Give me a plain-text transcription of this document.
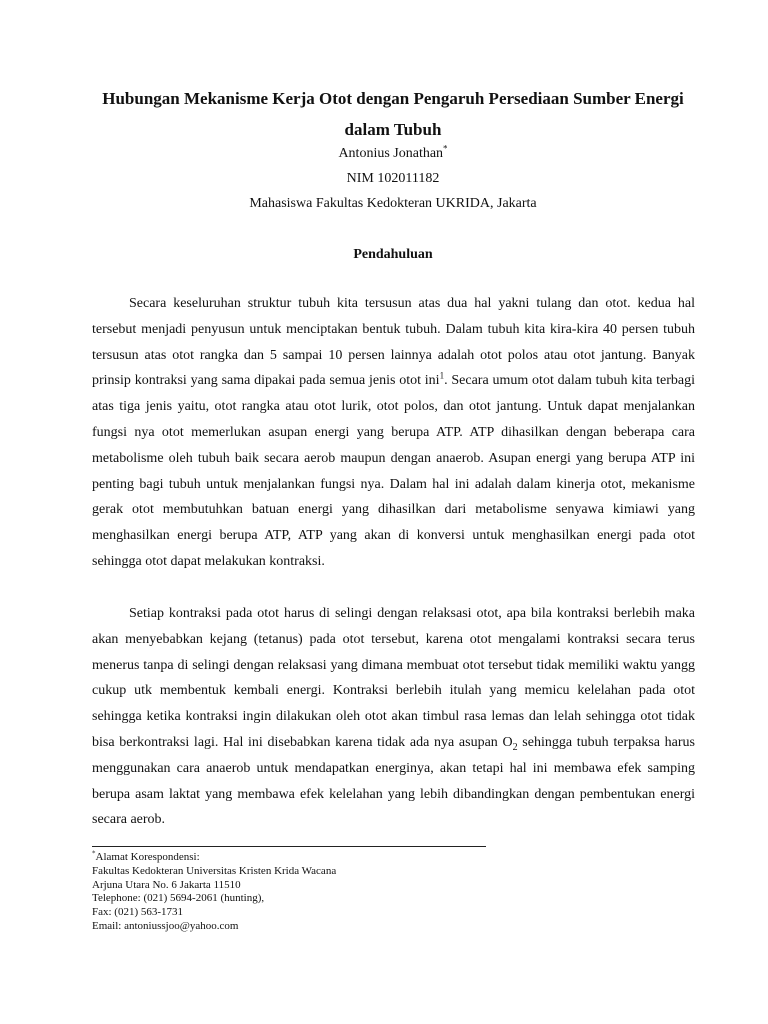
Hubungan Mekanisme Kerja Otot dengan Pengaruh Persediaan Sumber Energi dalam Tubuh
Antonius Jonathan*
NIM 102011182
Mahasiswa Fakultas Kedokteran UKRIDA, Jakarta
Pendahuluan

Secara keseluruhan struktur tubuh kita tersusun atas dua hal yakni tulang dan otot. kedua hal tersebut menjadi penyusun untuk menciptakan bentuk tubuh. Dalam tubuh kita kira-kira 40 persen tubuh tersusun atas otot rangka dan 5 sampai 10 persen lainnya adalah otot polos atau otot jantung. Banyak prinsip kontraksi yang sama dipakai pada semua jenis otot ini$^1$. Secara umum otot dalam tubuh kita terbagi atas tiga jenis yaitu, otot rangka atau otot lurik, otot polos, dan otot jantung. Untuk dapat menjalankan fungsi nya otot memerlukan asupan energi yang berupa ATP. ATP dihasilkan dengan beberapa cara metabolisme oleh tubuh baik secara aerob maupun dengan anaerob. Asupan energi yang berupa ATP ini penting bagi tubuh untuk menjalankan fungsi nya. Dalam hal ini adalah dalam kinerja otot, mekanisme gerak otot membutuhkan batuan energi yang dihasilkan dari metabolisme senyawa kimiawi yang menghasilkan energi berupa ATP, ATP yang akan di konversi untuk menghasilkan energi pada otot sehingga otot dapat melakukan kontraksi.

Setiap kontraksi pada otot harus di selingi dengan relaksasi otot, apa bila kontraksi berlebih maka akan menyebabkan kejang (tetanus) pada otot tersebut, karena otot mengalami kontraksi secara terus menerus tanpa di selingi dengan relaksasi yang dimana membuat otot tersebut tidak memiliki waktu yangg cukup utk membentuk kembali energi. Kontraksi berlebih itulah yang memicu kelelahan pada otot sehingga ketika kontraksi ingin dilakukan oleh otot akan timbul rasa lemas dan lelah sehingga otot tidak bisa berkontraksi lagi. Hal ini disebabkan karena tidak ada nya asupan $O_2$ sehingga tubuh terpaksa harus menggunakan cara anaerob untuk mendapatkan energinya, akan tetapi hal ini membawa efek samping berupa asam laktat yang membawa efek kelelahan yang lebih dibandingkan dengan pembentukan energi secara aerob.

*Alamat Korespondensi:
Fakultas Kedokteran Universitas Kristen Krida Wacana
Arjuna Utara No. 6 Jakarta 11510
Telephone: (021) 5694-2061 (hunting),
Fax: (021) 563-1731
Email: antoniussjoo@yahoo.com
